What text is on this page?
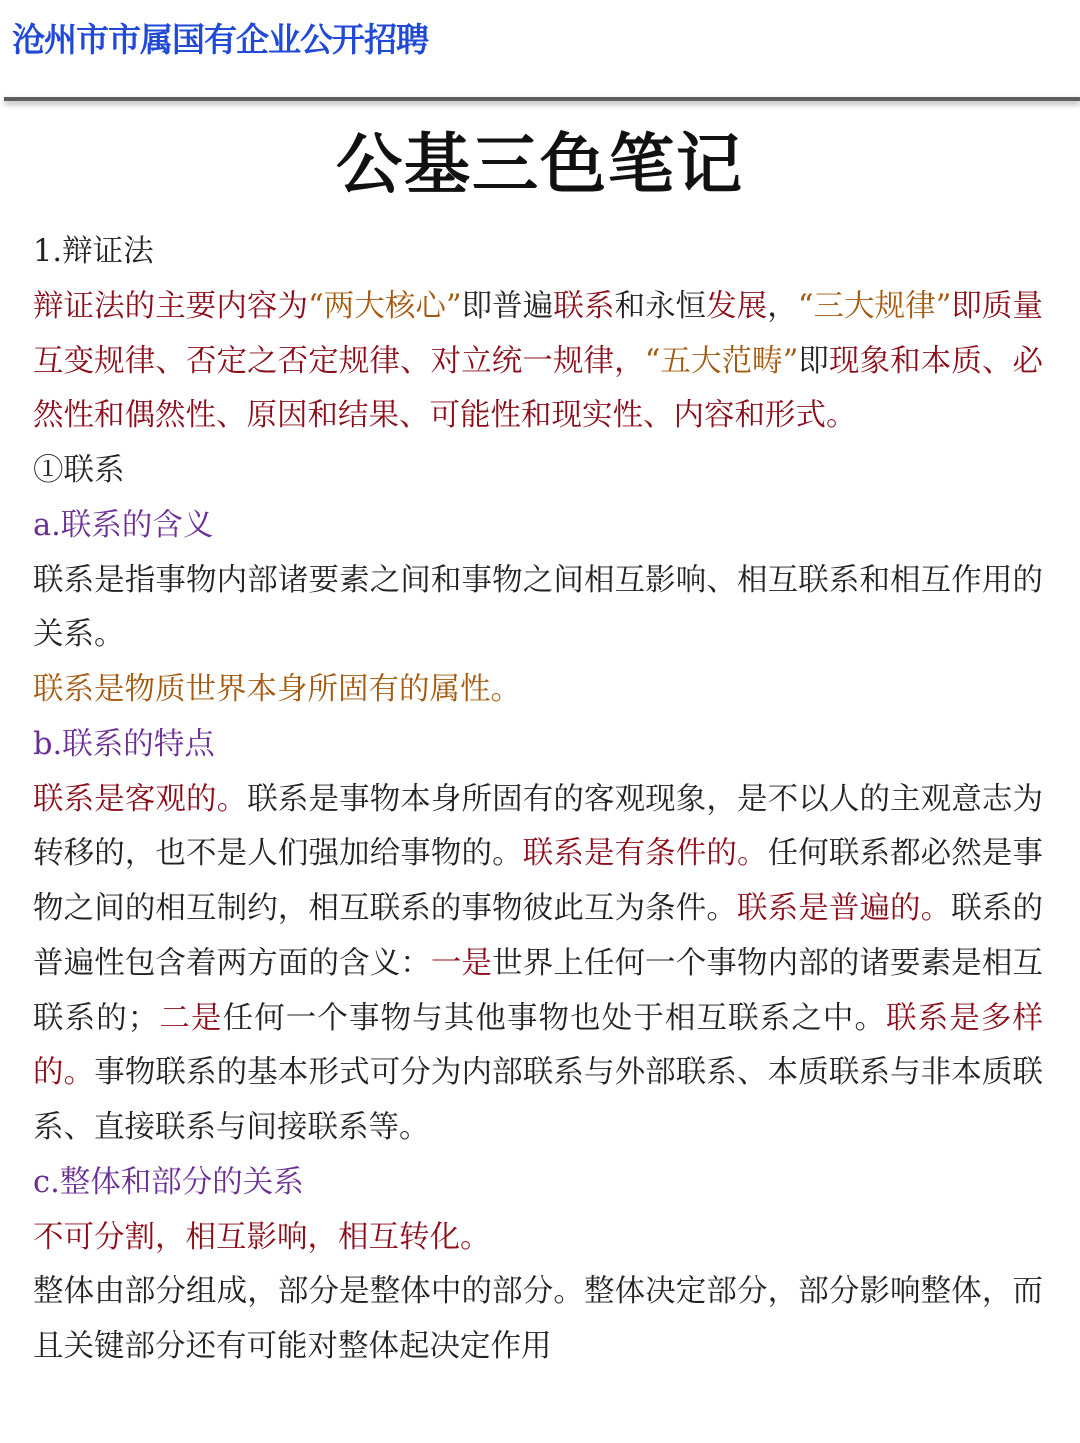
沧州市市属国有企业公开招聘
公基三色笔记

1.辩证法

辩证法的主要内容为“两大核心”即普遍联系和永恒发展，“三大规律”即质量互变规律、否定之否定规律、对立统一规律，“五大范畴”即现象和本质、必然性和偶然性、原因和结果、可能性和现实性、内容和形式。

①联系

a.联系的含义

联系是指事物内部诸要素之间和事物之间相互影响、相互联系和相互作用的关系。

联系是物质世界本身所固有的属性。

b.联系的特点

联系是客观的。联系是事物本身所固有的客观现象，是不以人的主观意志为转移的，也不是人们强加给事物的。联系是有条件的。任何联系都必然是事物之间的相互制约，相互联系的事物彼此互为条件。联系是普遍的。联系的普遍性包含着两方面的含义：一是世界上任何一个事物内部的诸要素是相互联系的；二是任何一个事物与其他事物也处于相互联系之中。联系是多样的。事物联系的基本形式可分为内部联系与外部联系、本质联系与非本质联系、直接联系与间接联系等。

c.整体和部分的关系

不可分割，相互影响，相互转化。

整体由部分组成，部分是整体中的部分。整体决定部分，部分影响整体，而且关键部分还有可能对整体起决定作用
